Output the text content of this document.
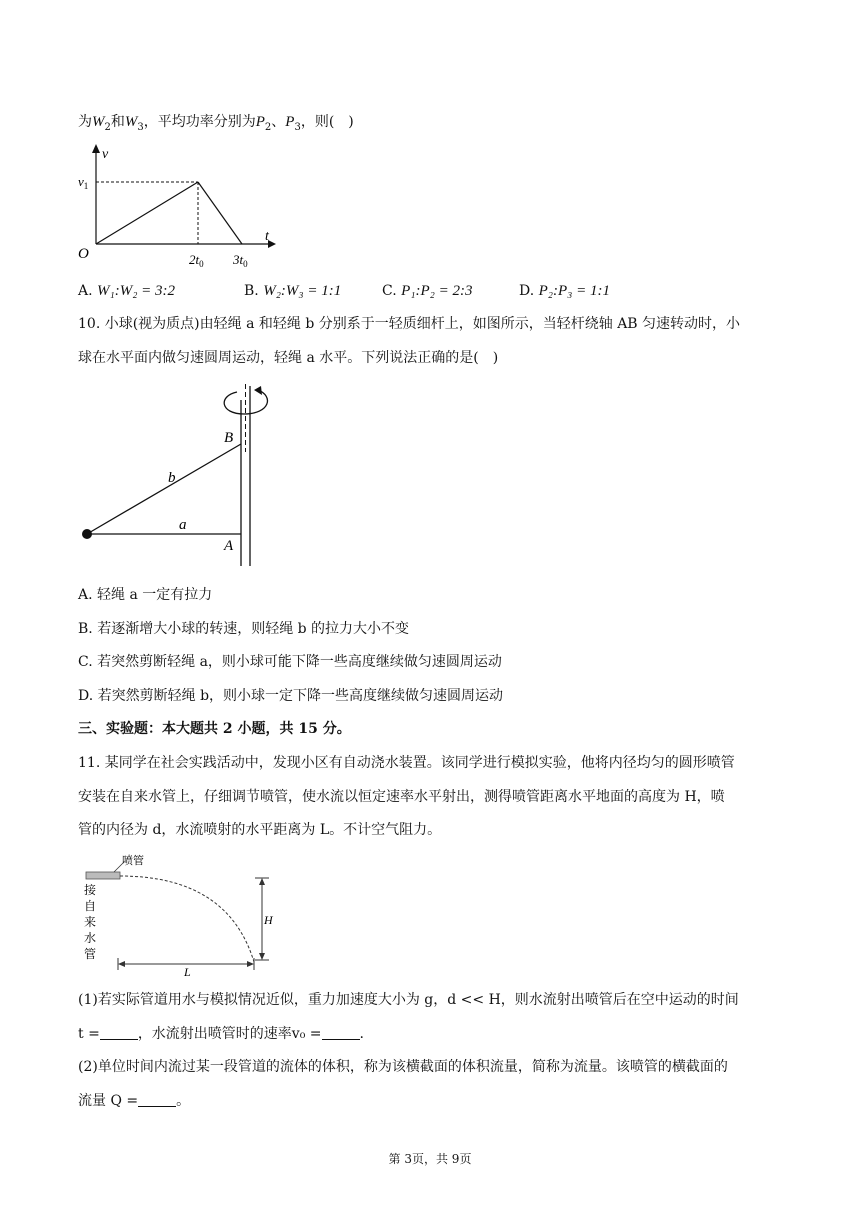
为$W_2$和$W_3$，平均功率分别为$P_2$、$P_3$，则(　)
v
t
O
$v_1$
$2t_0$ $3t_0$
A. W₁:W₂ = 3:2	B. W₂:W₃ = 1:1	C. P₁:P₂ = 2:3	D. P₂:P₃ = 1:1
10. 小球(视为质点)由轻绳 a 和轻绳 b 分别系于一轻质细杆上，如图所示，当轻杆绕轴 AB 匀速转动时，小
球在水平面内做匀速圆周运动，轻绳 a 水平。下列说法正确的是(　)
b
a
B
A
A. 轻绳 a 一定有拉力
B. 若逐渐增大小球的转速，则轻绳 b 的拉力大小不变
C. 若突然剪断轻绳 a，则小球可能下降一些高度继续做匀速圆周运动
D. 若突然剪断轻绳 b，则小球一定下降一些高度继续做匀速圆周运动
三、实验题：本大题共 2 小题，共 15 分。
11. 某同学在社会实践活动中，发现小区有自动浇水装置。该同学进行模拟实验，他将内径均匀的圆形喷管
安装在自来水管上，仔细调节喷管，使水流以恒定速率水平射出，测得喷管距离水平地面的高度为 H，喷
管的内径为 d，水流喷射的水平距离为 L。不计空气阻力。
喷管
接
自
来
水
管
H
L
(1)若实际管道用水与模拟情况近似，重力加速度大小为 g，d << H，则水流射出喷管后在空中运动的时间
t =	，水流射出喷管时的速率v₀ =	.
(2)单位时间内流过某一段管道的流体的体积，称为该横截面的体积流量，简称为流量。该喷管的横截面的
流量 Q =	。
第 3页，共 9页
